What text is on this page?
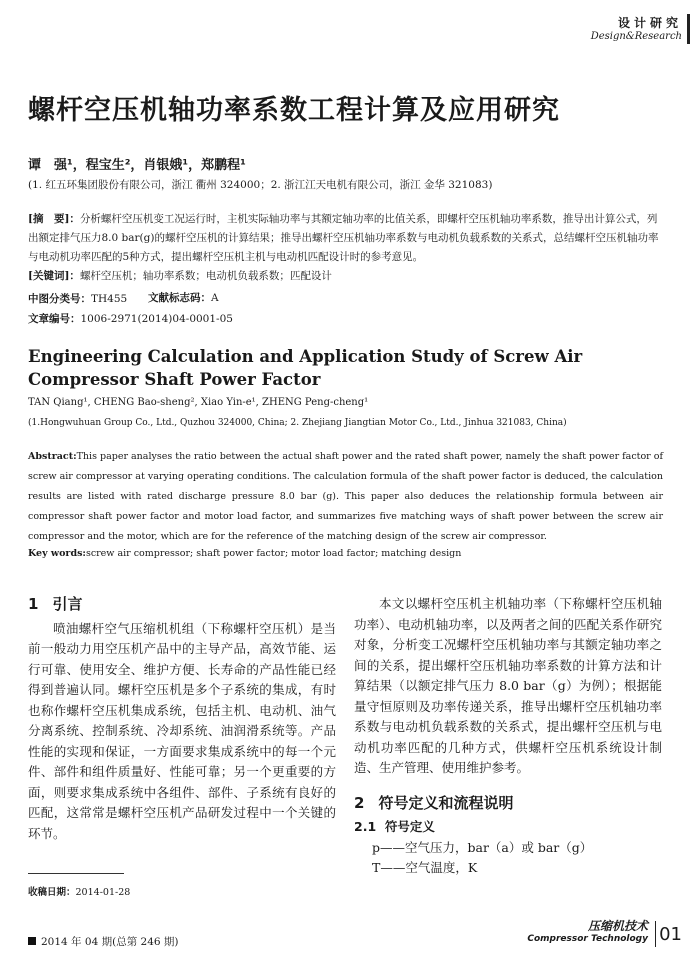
设计研究
Design&Research
螺杆空压机轴功率系数工程计算及应用研究
谭　强¹，程宝生²，肖银娥¹，郑鹏程¹
(1. 红五环集团股份有限公司，浙江 衢州 324000；2. 浙江江天电机有限公司，浙江 金华 321083)
[摘　要]：分析螺杆空压机变工况运行时，主机实际轴功率与其额定轴功率的比值关系，即螺杆空压机轴功率系数，推导出计算公式，列出额定排气压力8.0 bar(g)的螺杆空压机的计算结果；推导出螺杆空压机轴功率系数与电动机负载系数的关系式，总结螺杆空压机轴功率与电动机功率匹配的5种方式，提出螺杆空压机主机与电动机匹配设计时的参考意见。
[关键词]：螺杆空压机；轴功率系数；电动机负载系数；匹配设计
中图分类号：TH455	文献标志码：A
文章编号：1006-2971(2014)04-0001-05
Engineering Calculation and Application Study of Screw Air Compressor Shaft Power Factor
TAN Qiang¹, CHENG Bao-sheng², Xiao Yin-e¹, ZHENG Peng-cheng¹
(1.Hongwuhuan Group Co., Ltd., Quzhou 324000, China; 2. Zhejiang Jiangtian Motor Co., Ltd., Jinhua 321083, China)
Abstract:This paper analyses the ratio between the actual shaft power and the rated shaft power, namely the shaft power factor of screw air compressor at varying operating conditions. The calculation formula of the shaft power factor is deduced, the calculation results are listed with rated discharge pressure 8.0 bar (g). This paper also deduces the relationship formula between air compressor shaft power factor and motor load factor, and summarizes five matching ways of shaft power between the screw air compressor and the motor, which are for the reference of the matching design of the screw air compressor.
Key words:screw air compressor; shaft power factor; motor load factor; matching design
1 引言

喷油螺杆空气压缩机机组（下称螺杆空压机）是当前一般动力用空压机产品中的主导产品，高效节能、运行可靠、使用安全、维护方便、长寿命的产品性能已经得到普遍认同。螺杆空压机是多个子系统的集成，有时也称作螺杆空压机集成系统，包括主机、电动机、油气分离系统、控制系统、冷却系统、油润滑系统等。产品性能的实现和保证，一方面要求集成系统中的每一个元件、部件和组件质量好、性能可靠；另一个更重要的方面，则要求集成系统中各组件、部件、子系统有良好的匹配，这常常是螺杆空压机产品研发过程中一个关键的环节。

本文以螺杆空压机主机轴功率（下称螺杆空压机轴功率）、电动机轴功率，以及两者之间的匹配关系作研究对象，分析变工况螺杆空压机轴功率与其额定轴功率之间的关系，提出螺杆空压机轴功率系数的计算方法和计算结果（以额定排气压力 8.0 bar（g）为例）；根据能量守恒原则及功率传递关系，推导出螺杆空压机轴功率系数与电动机负载系数的关系式，提出螺杆空压机与电动机功率匹配的几种方式，供螺杆空压机系统设计制造、生产管理、使用维护参考。

2 符号定义和流程说明
2.1 符号定义

p——空气压力，bar（a）或 bar（g）

T——空气温度，K

收稿日期：2014-01-28
2014 年 04 期(总第 246 期)
压缩机技术
Compressor Technology 01
